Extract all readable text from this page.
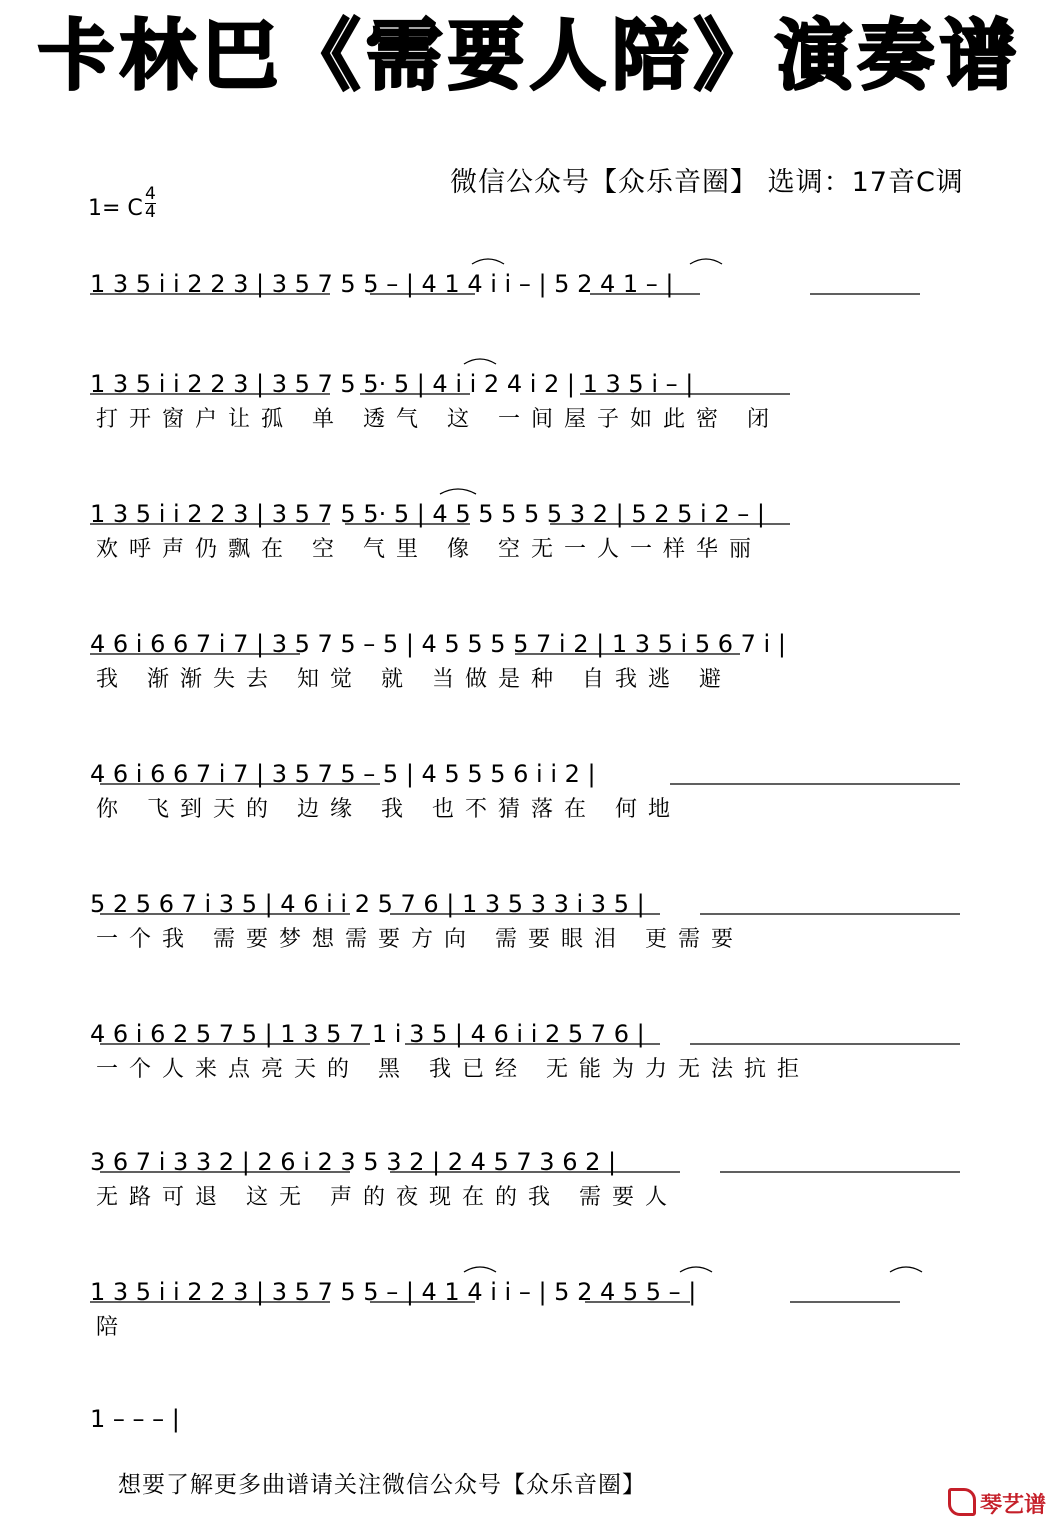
卡林巴《需要人陪》演奏谱
微信公众号【众乐音圈】 选调：17音C调
1= C
4
4
1 3 5 i i 2 2 3 | 3 5 7 5 5 – | 4 1 4 i i – | 5 2 4 1 – |
1 3 5 i i 2 2 3 | 3 5 7 5 5· 5 | 4 i i 2 4 i 2 | 1 3 5 i – |
打开窗户让孤 单 透气 这 一间屋子如此密 闭
1 3 5 i i 2 2 3 | 3 5 7 5 5· 5 | 4 5 5 5 5 5 3 2 | 5 2 5 i 2 – |
欢呼声仍飘在 空 气里 像 空无一人一样华丽
4 6 i 6 6 7 i 7 | 3 5 7 5 – 5 | 4 5 5 5 5 7 i 2 | 1 3 5 i 5 6 7 i |
我 渐渐失去 知觉 就 当做是种 自我逃 避
4 6 i 6 6 7 i 7 | 3 5 7 5 – 5 | 4 5 5 5 6 i i 2 |
你 飞到天的 边缘 我 也不猜落在 何地
5 2 5 6 7 i 3 5 | 4 6 i i 2 5 7 6 | 1 3 5 3 3 i 3 5 |
一个我 需要梦想需要方向 需要眼泪 更需要
4 6 i 6 2 5 7 5 | 1 3 5 7 1 i 3 5 | 4 6 i i 2 5 7 6 |
一个人来点亮天的 黑 我已经 无能为力无法抗拒
3 6 7 i 3 3 2 | 2 6 i 2 3 5 3 2 | 2 4 5 7 3 6 2 |
无路可退 这无 声的夜现在的我 需要人
1 3 5 i i 2 2 3 | 3 5 7 5 5 – | 4 1 4 i i – | 5 2 4 5 5 – |
陪
1 – – – |
想要了解更多曲谱请关注微信公众号【众乐音圈】
琴艺谱
